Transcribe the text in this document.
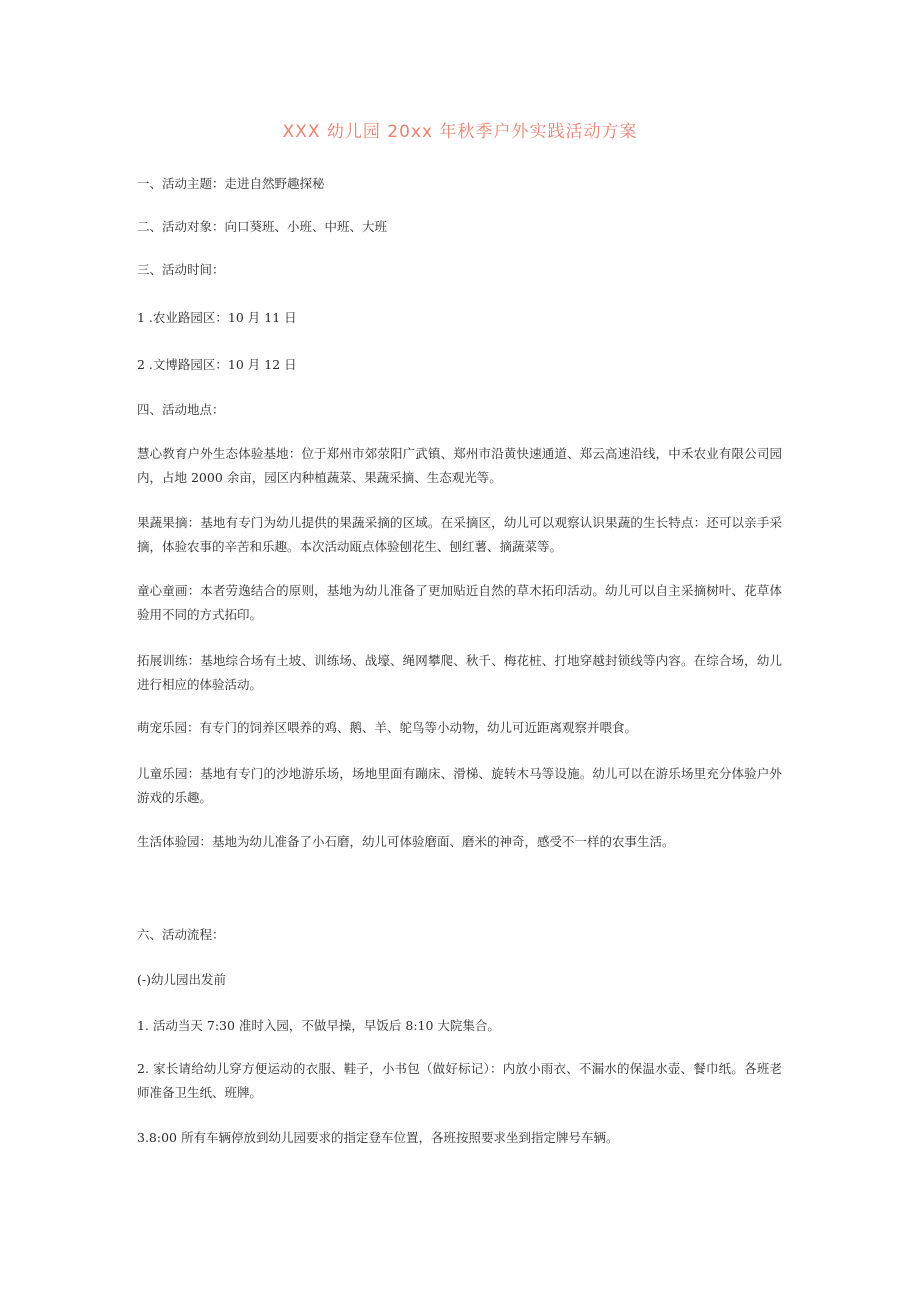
XXX 幼儿园 20xx 年秋季户外实践活动方案

一、活动主题：走进自然野趣探秘

二、活动对象：向口葵班、小班、中班、大班

三、活动时间：

1 .农业路园区：10 月 11 日

2 .文博路园区：10 月 12 日

四、活动地点：

慧心教育户外生态体验基地：位于郑州市郊荥阳广武镇、郑州市沿黄快速通道、郑云高速沿线，中禾农业有限公司园内，占地 2000 余亩，园区内种植蔬菜、果蔬采摘、生态观光等。

果蔬果摘：基地有专门为幼儿提供的果蔬采摘的区域。在采摘区，幼儿可以观察认识果蔬的生长特点：还可以亲手采摘，体验农事的辛苦和乐趣。本次活动瓯点体验刨花生、刨红薯、摘蔬菜等。

童心童画：本者劳逸结合的原则，基地为幼儿准备了更加贴近自然的草木拓印活动。幼儿可以自主采摘树叶、花草体验用不同的方式拓印。

拓展训练：基地综合场有土坡、训练场、战壕、绳网攀爬、秋千、梅花桩、打地穿越封锁线等内容。在综合场，幼儿进行相应的体验活动。

萌宠乐园：有专门的饲养区喂养的鸡、鹅、羊、鸵鸟等小动物，幼儿可近距离观察并喂食。

儿童乐园：基地有专门的沙地游乐场，场地里面有蹦床、滑梯、旋转木马等设施。幼儿可以在游乐场里充分体验户外游戏的乐趣。

生活体验园：基地为幼儿准备了小石磨，幼儿可体验磨面、磨米的神奇，感受不一样的农事生活。

六、活动流程：

(-)幼儿园出发前

1. 活动当天 7:30 准时入园，不做早操，早饭后 8:10 大院集合。

2. 家长请给幼儿穿方便运动的衣服、鞋子，小书包（做好标记）：内放小雨衣、不漏水的保温水壶、餐巾纸。各班老师准备卫生纸、班牌。

3.8:00 所有车辆停放到幼儿园要求的指定登车位置，各班按照要求坐到指定牌号车辆。
